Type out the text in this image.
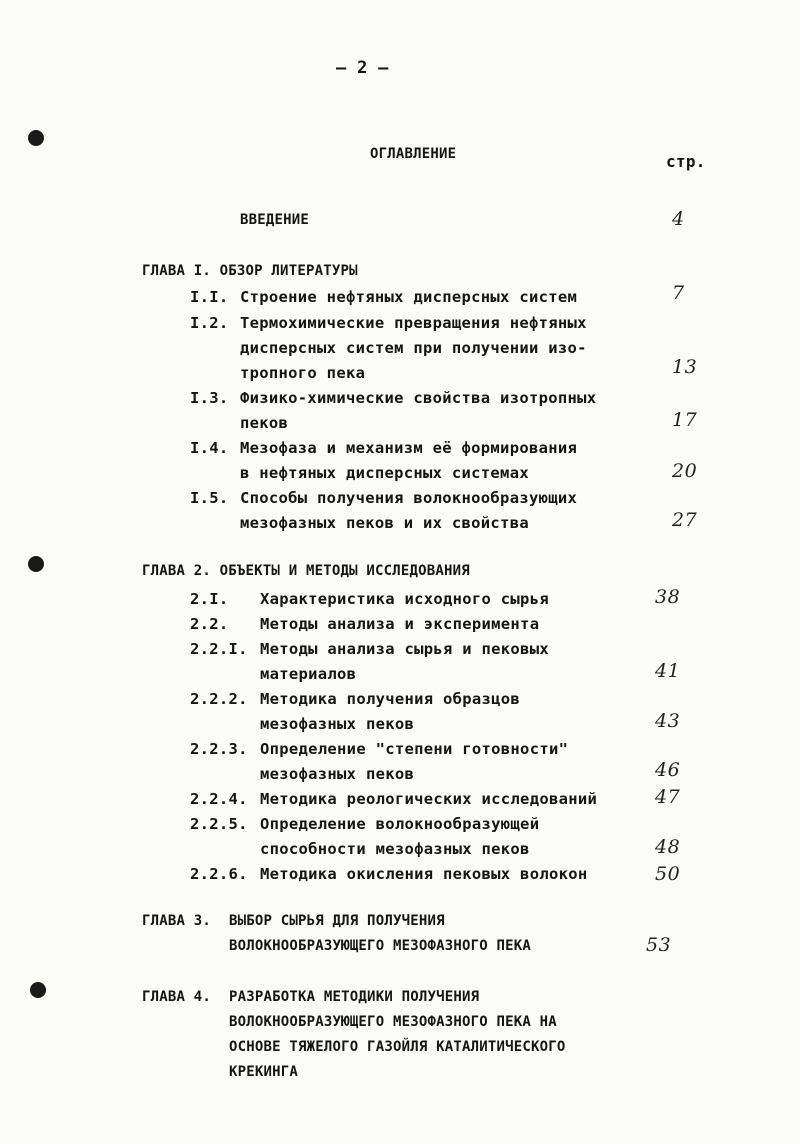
– 2 –
ОГЛАВЛЕНИЕ	стр.
ВВЕДЕНИЕ	4
ГЛАВА I. ОБЗОР ЛИТЕРАТУРЫ
I.I. Строение нефтяных дисперсных систем	7
I.2. Термохимические превращения нефтяных
дисперсных систем при получении изо-
тропного пека	13
I.3. Физико-химические свойства изотропных
пеков	17
I.4. Мезофаза и механизм её формирования
в нефтяных дисперсных системах	20
I.5. Способы получения волокнообразующих
мезофазных пеков и их свойства	27
ГЛАВА 2. ОБЪЕКТЫ И МЕТОДЫ ИССЛЕДОВАНИЯ
2.I. Характеристика исходного сырья	38
2.2. Методы анализа и эксперимента
2.2.I. Методы анализа сырья и пековых
материалов	41
2.2.2. Методика получения образцов
мезофазных пеков	43
2.2.3. Определение "степени готовности"
мезофазных пеков	46
2.2.4. Методика реологических исследований	47
2.2.5. Определение волокнообразующей
способности мезофазных пеков	48
2.2.6. Методика окисления пековых волокон	50
ГЛАВА 3. ВЫБОР СЫРЬЯ ДЛЯ ПОЛУЧЕНИЯ
ВОЛОКНООБРАЗУЮЩЕГО МЕЗОФАЗНОГО ПЕКА	53
ГЛАВА 4. РАЗРАБОТКА МЕТОДИКИ ПОЛУЧЕНИЯ
ВОЛОКНООБРАЗУЮЩЕГО МЕЗОФАЗНОГО ПЕКА НА
ОСНОВЕ ТЯЖЕЛОГО ГАЗОЙЛЯ КАТАЛИТИЧЕСКОГО
КРЕКИНГА
